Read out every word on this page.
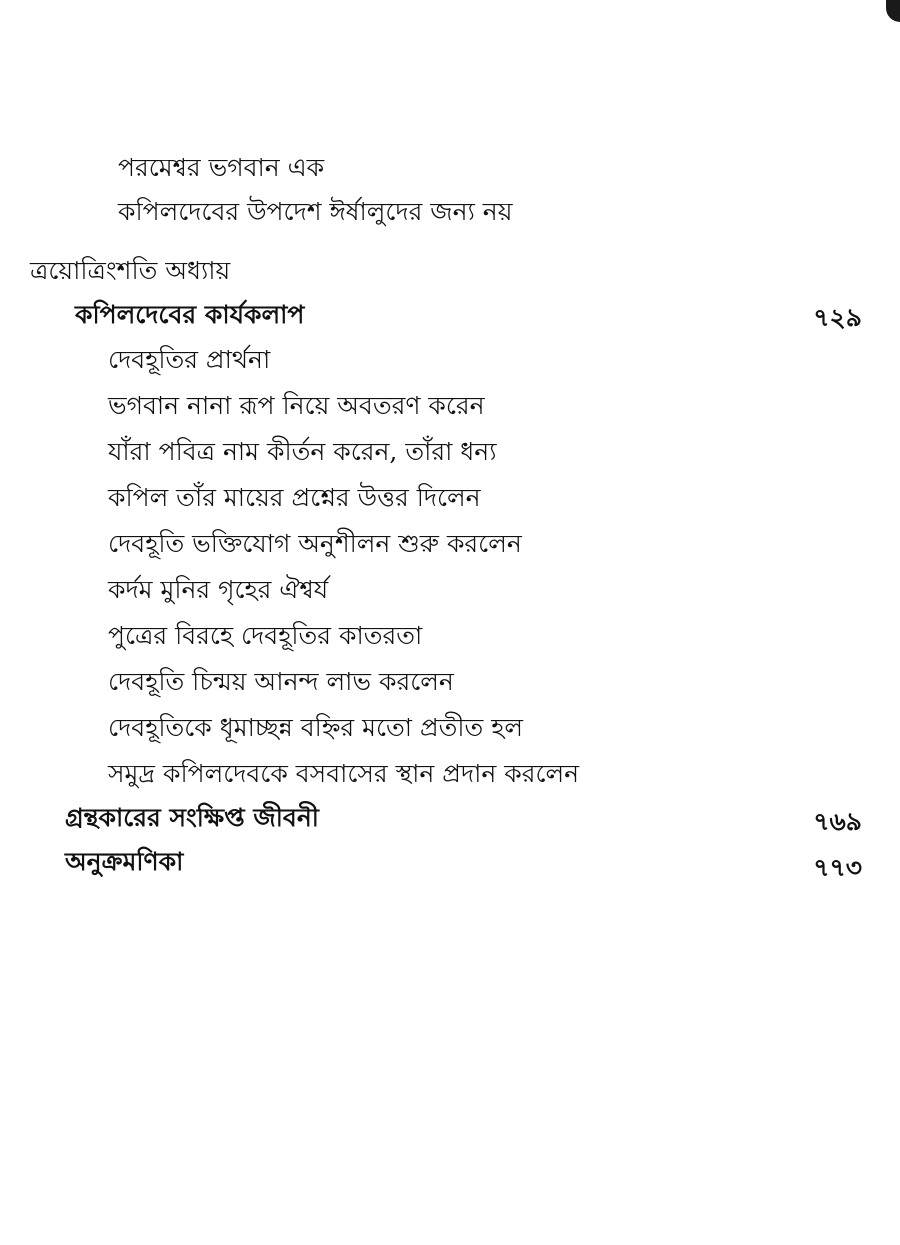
পরমেশ্বর ভগবান এক
কপিলদেবের উপদেশ ঈর্ষালুদের জন্য নয়
ত্রয়োত্রিংশতি অধ্যায়
কপিলদেবের কার্যকলাপ	৭২৯
দেবহূতির প্রার্থনা
ভগবান নানা রূপ নিয়ে অবতরণ করেন
যাঁরা পবিত্র নাম কীর্তন করেন, তাঁরা ধন্য
কপিল তাঁর মায়ের প্রশ্নের উত্তর দিলেন
দেবহূতি ভক্তিযোগ অনুশীলন শুরু করলেন
কর্দম মুনির গৃহের ঐশ্বর্য
পুত্রের বিরহে দেবহূতির কাতরতা
দেবহূতি চিন্ময় আনন্দ লাভ করলেন
দেবহূতিকে ধূমাচ্ছন্ন বহ্নির মতো প্রতীত হল
সমুদ্র কপিলদেবকে বসবাসের স্থান প্রদান করলেন
গ্রন্থকারের সংক্ষিপ্ত জীবনী	৭৬৯
অনুক্রমণিকা	৭৭৩
